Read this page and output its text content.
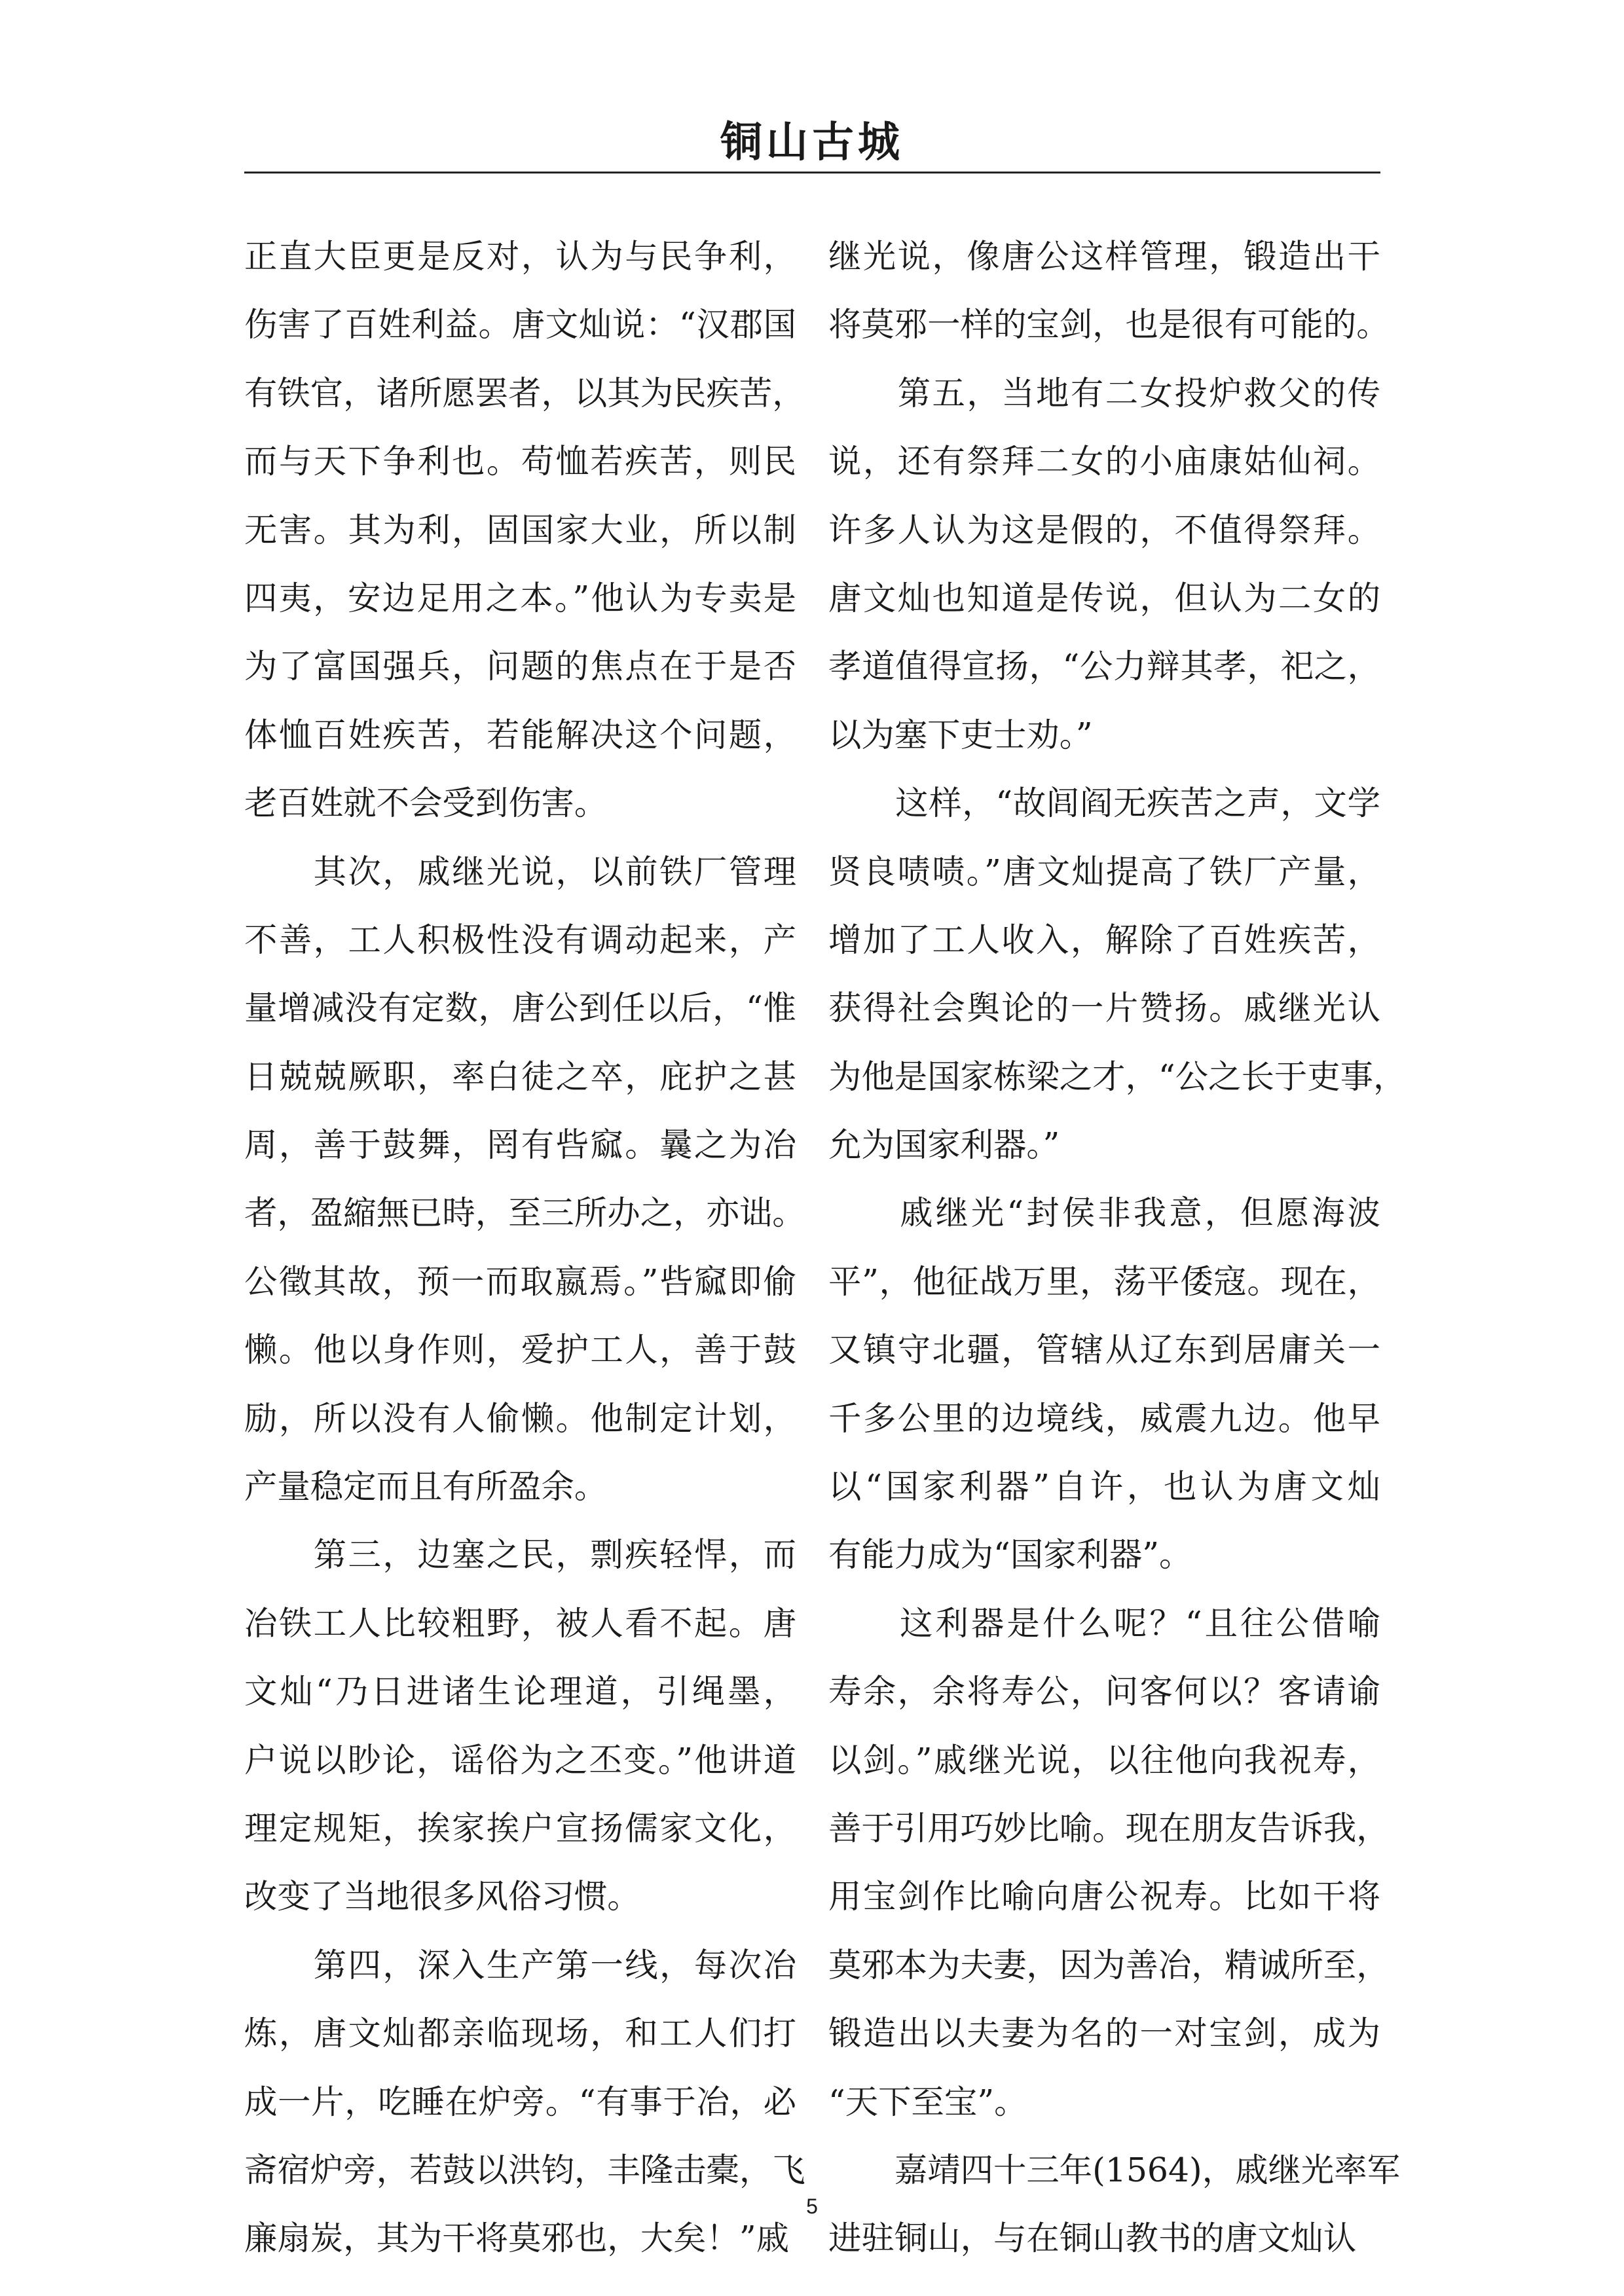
铜山古城

正直大臣更是反对，认为与民争利，
伤害了百姓利益。唐文灿说：“汉郡国
有铁官，诸所愿罢者，以其为民疾苦，
而与天下争利也。苟恤若疾苦，则民
无害。其为利，固国家大业，所以制
四夷，安边足用之本。”他认为专卖是
为了富国强兵，问题的焦点在于是否
体恤百姓疾苦，若能解决这个问题，
老百姓就不会受到伤害。

　　其次，戚继光说，以前铁厂管理
不善，工人积极性没有调动起来，产
量增减没有定数，唐公到任以后，“惟
日兢兢厥职，率白徒之卒，庇护之甚
周，善于鼓舞，罔有呰窳。曩之为冶
者，盈縮無已時，至三所办之，亦诎。
公徵其故，预一而取嬴焉。”呰窳即偷
懒。他以身作则，爱护工人，善于鼓
励，所以没有人偷懒。他制定计划，
产量稳定而且有所盈余。

　　第三，边塞之民，剽疾轻悍，而
冶铁工人比较粗野，被人看不起。唐
文灿“乃日进诸生论理道，引绳墨，
户说以眇论，谣俗为之丕变。”他讲道
理定规矩，挨家挨户宣扬儒家文化，
改变了当地很多风俗习惯。

　　第四，深入生产第一线，每次冶
炼，唐文灿都亲临现场，和工人们打
成一片，吃睡在炉旁。“有事于冶，必
斋宿炉旁，若鼓以洪钧，丰隆击橐，飞
廉扇炭，其为干将莫邪也，大矣！”戚

继光说，像唐公这样管理，锻造出干
将莫邪一样的宝剑，也是很有可能的。

　　第五，当地有二女投炉救父的传
说，还有祭拜二女的小庙康姑仙祠。
许多人认为这是假的，不值得祭拜。
唐文灿也知道是传说，但认为二女的
孝道值得宣扬，“公力辩其孝，祀之，
以为塞下吏士劝。”

　　这样，“故闾阎无疾苦之声，文学
贤良啧啧。”唐文灿提高了铁厂产量，
增加了工人收入，解除了百姓疾苦，
获得社会舆论的一片赞扬。戚继光认
为他是国家栋梁之才，“公之长于吏事，
允为国家利器。”

　　戚继光“封侯非我意，但愿海波
平”，他征战万里，荡平倭寇。现在，
又镇守北疆，管辖从辽东到居庸关一
千多公里的边境线，威震九边。他早
以“国家利器”自许，也认为唐文灿
有能力成为“国家利器”。

　　这利器是什么呢？“且往公借喻
寿余，余将寿公，问客何以？客请谕
以剑。”戚继光说，以往他向我祝寿，
善于引用巧妙比喻。现在朋友告诉我，
用宝剑作比喻向唐公祝寿。比如干将
莫邪本为夫妻，因为善冶，精诚所至，
锻造出以夫妻为名的一对宝剑，成为
“天下至宝”。

　　嘉靖四十三年(1564)，戚继光率军
进驻铜山，与在铜山教书的唐文灿认

5
